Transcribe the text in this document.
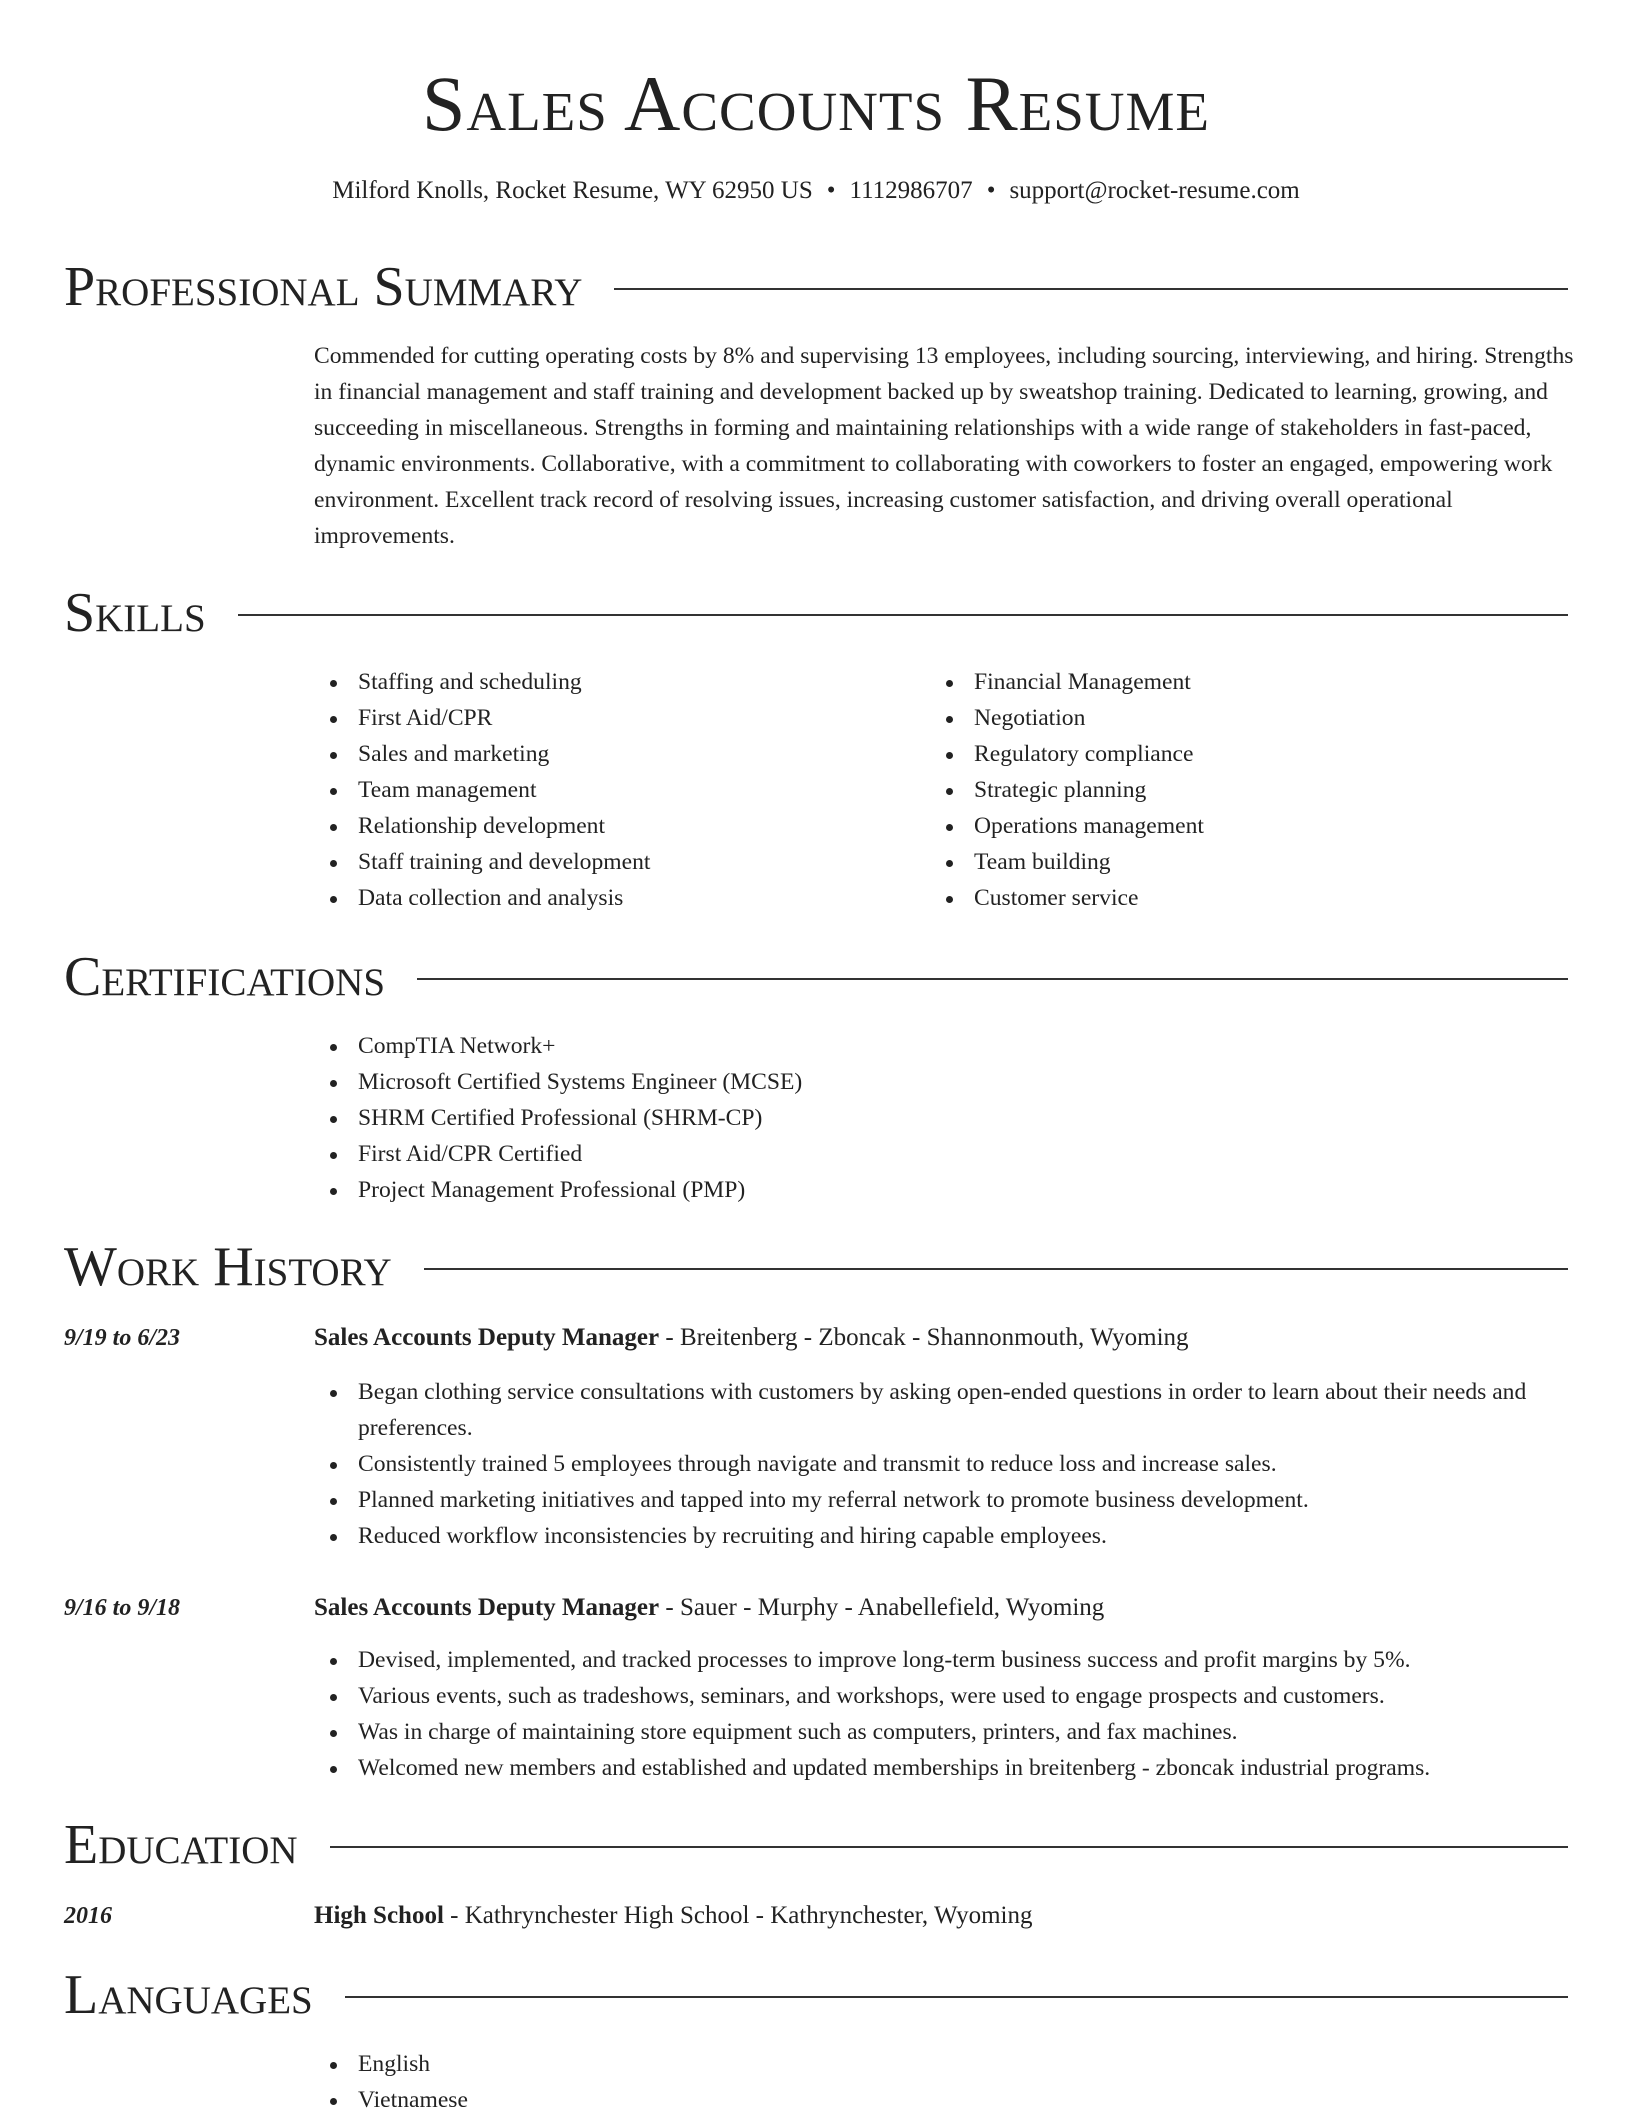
Sales Accounts Resume
Milford Knolls, Rocket Resume, WY 62950 US • 1112986707 • support@rocket-resume.com
Professional Summary

Commended for cutting operating costs by 8% and supervising 13 employees, including sourcing, interviewing, and hiring. Strengths in financial management and staff training and development backed up by sweatshop training. Dedicated to learning, growing, and succeeding in miscellaneous. Strengths in forming and maintaining relationships with a wide range of stakeholders in fast-paced, dynamic environments. Collaborative, with a commitment to collaborating with coworkers to foster an engaged, empowering work environment. Excellent track record of resolving issues, increasing customer satisfaction, and driving overall operational improvements.

Skills
Staffing and scheduling
First Aid/CPR
Sales and marketing
Team management
Relationship development
Staff training and development
Data collection and analysis
Financial Management
Negotiation
Regulatory compliance
Strategic planning
Operations management
Team building
Customer service
Certifications
CompTIA Network+
Microsoft Certified Systems Engineer (MCSE)
SHRM Certified Professional (SHRM-CP)
First Aid/CPR Certified
Project Management Professional (PMP)
Work History
9/19 to 6/23	Sales Accounts Deputy Manager - Breitenberg - Zboncak - Shannonmouth, Wyoming
Began clothing service consultations with customers by asking open-ended questions in order to learn about their needs and preferences.
Consistently trained 5 employees through navigate and transmit to reduce loss and increase sales.
Planned marketing initiatives and tapped into my referral network to promote business development.
Reduced workflow inconsistencies by recruiting and hiring capable employees.
9/16 to 9/18	Sales Accounts Deputy Manager - Sauer - Murphy - Anabellefield, Wyoming
Devised, implemented, and tracked processes to improve long-term business success and profit margins by 5%.
Various events, such as tradeshows, seminars, and workshops, were used to engage prospects and customers.
Was in charge of maintaining store equipment such as computers, printers, and fax machines.
Welcomed new members and established and updated memberships in breitenberg - zboncak industrial programs.
Education
2016	High School - Kathrynchester High School - Kathrynchester, Wyoming
Languages
English
Vietnamese
